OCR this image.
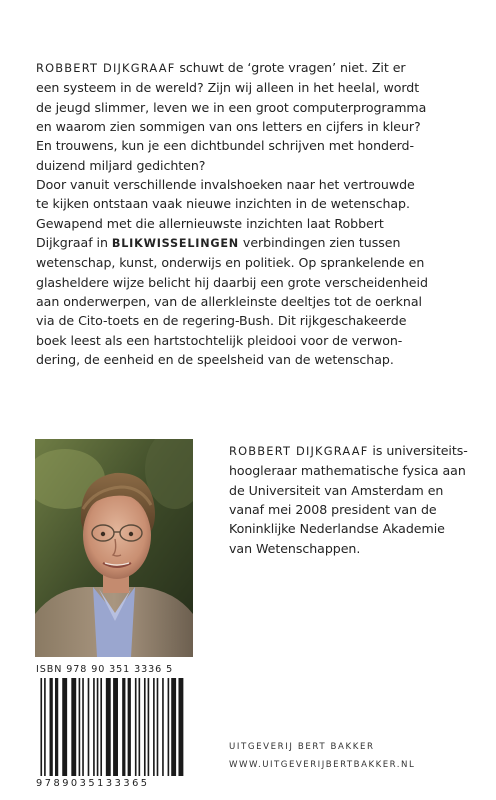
ROBBERT DIJKGRAAF schuwt de ‘grote vragen’ niet. Zit er
een systeem in de wereld? Zijn wij alleen in het heelal, wordt
de jeugd slimmer, leven we in een groot computerprogramma
en waarom zien sommigen van ons letters en cijfers in kleur?
En trouwens, kun je een dichtbundel schrijven met honderd-
duizend miljard gedichten?
Door vanuit verschillende invalshoeken naar het vertrouwde
te kijken ontstaan vaak nieuwe inzichten in de wetenschap.
Gewapend met die allernieuwste inzichten laat Robbert
Dijkgraaf in BLIKWISSELINGEN verbindingen zien tussen
wetenschap, kunst, onderwijs en politiek. Op sprankelende en
glasheldere wijze belicht hij daarbij een grote verscheidenheid
aan onderwerpen, van de allerkleinste deeltjes tot de oerknal
via de Cito-toets en de regering-Bush. Dit rijkgeschakeerde
boek leest als een hartstochtelijk pleidooi voor de verwon-
dering, de eenheid en de speelsheid van de wetenschap.
ROBBERT DIJKGRAAF is universiteits-
hoogleraar mathematische fysica aan
de Universiteit van Amsterdam en
vanaf mei 2008 president van de
Koninklijke Nederlandse Akademie
van Wetenschappen.
ISBN 978 90 351 3336 5
9789035133365
UITGEVERIJ BERT BAKKER
WWW.UITGEVERIJBERTBAKKER.NL
